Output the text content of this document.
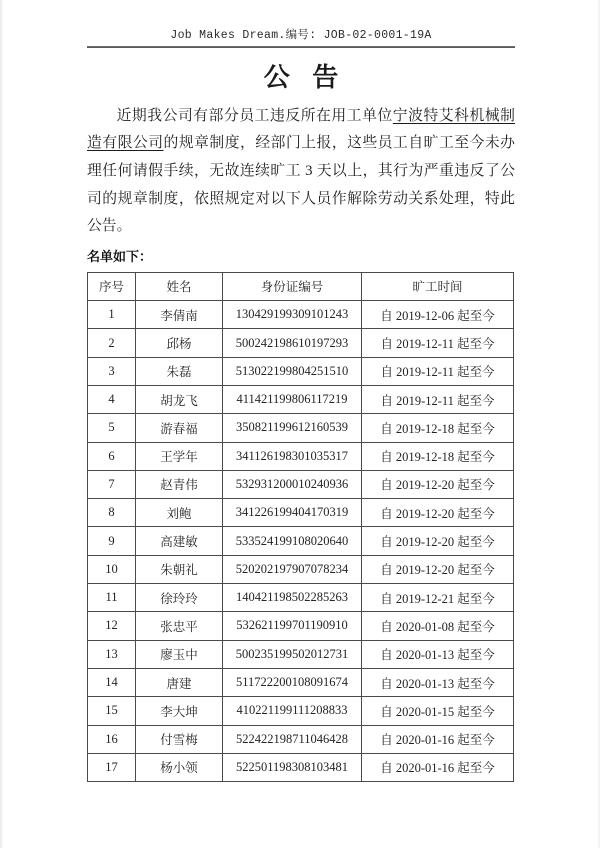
Job Makes Dream.编号: JOB-02-0001-19A
公 告

近期我公司有部分员工违反所在用工单位宁波特艾科机械制造有限公司的规章制度，经部门上报，这些员工自旷工至今未办理任何请假手续，无故连续旷工 3 天以上，其行为严重违反了公司的规章制度，依照规定对以下人员作解除劳动关系处理，特此公告。

名单如下：
序号	姓名	身份证编号	旷工时间
1	李倩南	130429199309101243	自 2019-12-06 起至今
2	邱杨	500242198610197293	自 2019-12-11 起至今
3	朱磊	513022199804251510	自 2019-12-11 起至今
4	胡龙飞	411421199806117219	自 2019-12-11 起至今
5	游春福	350821199612160539	自 2019-12-18 起至今
6	王学年	341126198301035317	自 2019-12-18 起至今
7	赵青伟	532931200010240936	自 2019-12-20 起至今
8	刘鲍	341226199404170319	自 2019-12-20 起至今
9	高建敏	533524199108020640	自 2019-12-20 起至今
10	朱朝礼	520202197907078234	自 2019-12-20 起至今
11	徐玲玲	140421198502285263	自 2019-12-21 起至今
12	张忠平	532621199701190910	自 2020-01-08 起至今
13	廖玉中	500235199502012731	自 2020-01-13 起至今
14	唐建	511722200108091674	自 2020-01-13 起至今
15	李大坤	410221199111208833	自 2020-01-15 起至今
16	付雪梅	522422198711046428	自 2020-01-16 起至今
17	杨小领	522501198308103481	自 2020-01-16 起至今
